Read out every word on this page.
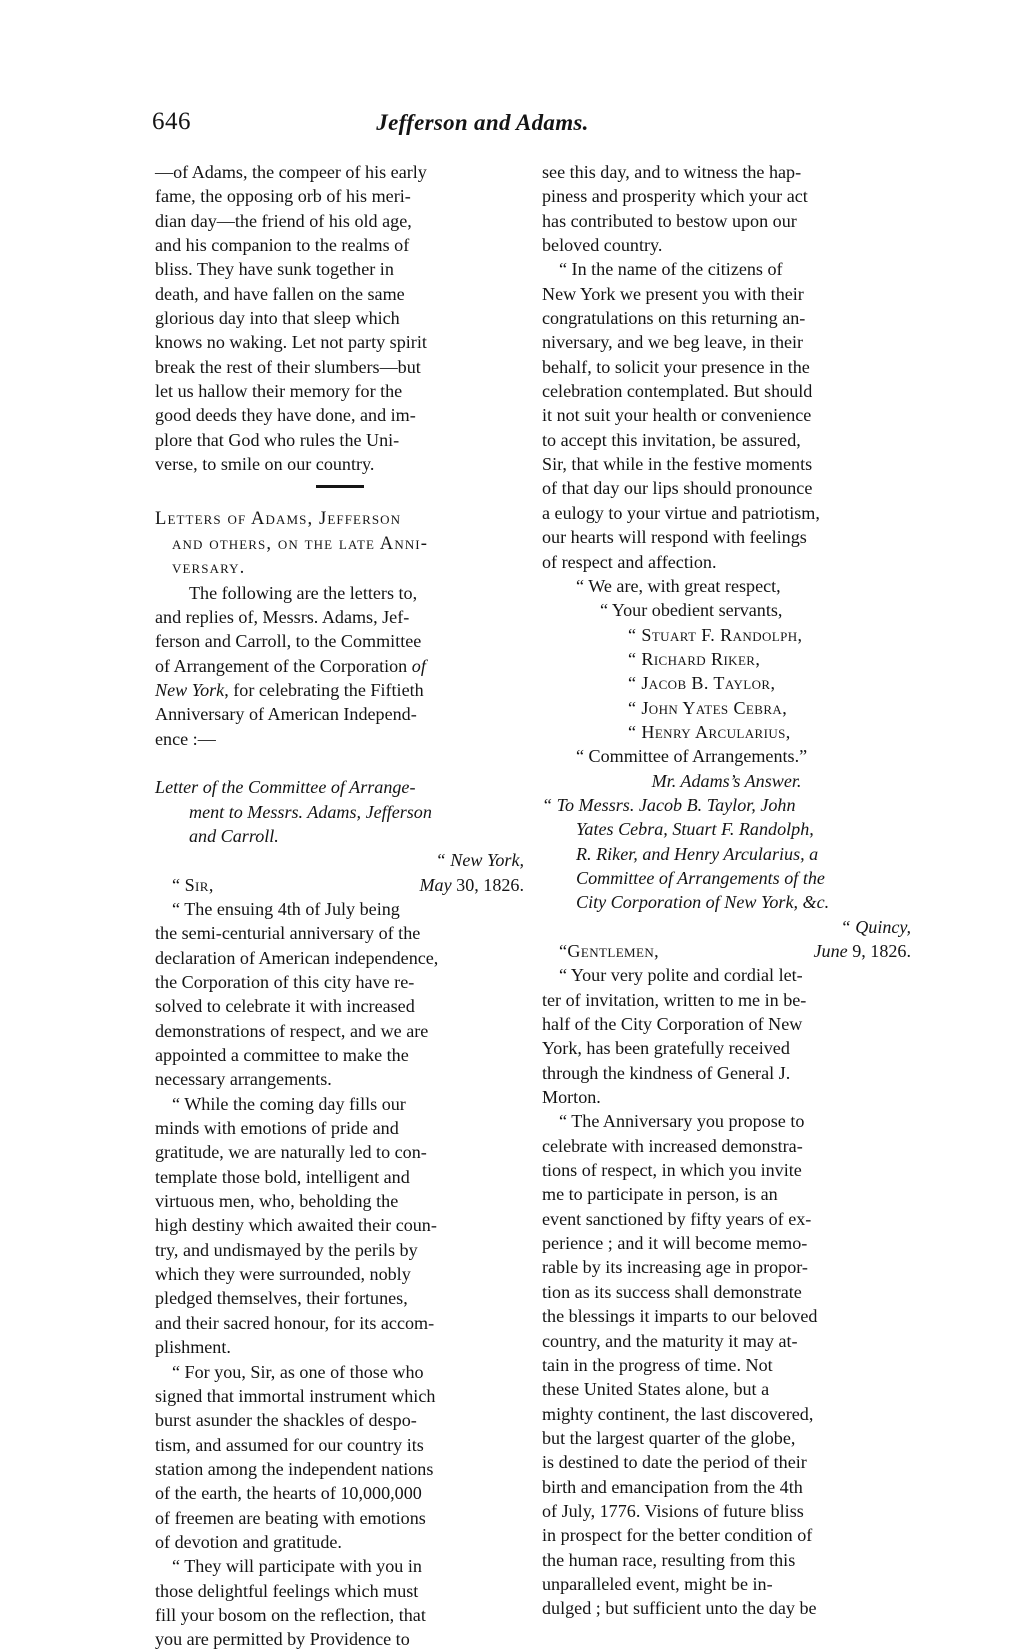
646	Jefferson and Adams.
—of Adams, the compeer of his early
fame, the opposing orb of his meri-
dian day—the friend of his old age,
and his companion to the realms of
bliss. They have sunk together in
death, and have fallen on the same
glorious day into that sleep which
knows no waking. Let not party spirit
break the rest of their slumbers—but
let us hallow their memory for the
good deeds they have done, and im-
plore that God who rules the Uni-
verse, to smile on our country.
Letters of Adams, Jefferson
and others, on the late Anni-
versary.
The following are the letters to,
and replies of, Messrs. Adams, Jef-
ferson and Carroll, to the Committee
of Arrangement of the Corporation of
New York, for celebrating the Fiftieth
Anniversary of American Independ-
ence :—
Letter of the Committee of Arrange-
ment to Messrs. Adams, Jefferson
and Carroll.
“ New York,
“ Sir,	May 30, 1826.
“ The ensuing 4th of July being
the semi-centurial anniversary of the
declaration of American independence,
the Corporation of this city have re-
solved to celebrate it with increased
demonstrations of respect, and we are
appointed a committee to make the
necessary arrangements.
“ While the coming day fills our
minds with emotions of pride and
gratitude, we are naturally led to con-
template those bold, intelligent and
virtuous men, who, beholding the
high destiny which awaited their coun-
try, and undismayed by the perils by
which they were surrounded, nobly
pledged themselves, their fortunes,
and their sacred honour, for its accom-
plishment.
“ For you, Sir, as one of those who
signed that immortal instrument which
burst asunder the shackles of despo-
tism, and assumed for our country its
station among the independent nations
of the earth, the hearts of 10,000,000
of freemen are beating with emotions
of devotion and gratitude.
“ They will participate with you in
those delightful feelings which must
fill your bosom on the reflection, that
you are permitted by Providence to
see this day, and to witness the hap-
piness and prosperity which your act
has contributed to bestow upon our
beloved country.
“ In the name of the citizens of
New York we present you with their
congratulations on this returning an-
niversary, and we beg leave, in their
behalf, to solicit your presence in the
celebration contemplated. But should
it not suit your health or convenience
to accept this invitation, be assured,
Sir, that while in the festive moments
of that day our lips should pronounce
a eulogy to your virtue and patriotism,
our hearts will respond with feelings
of respect and affection.
“ We are, with great respect,
“ Your obedient servants,
“ Stuart F. Randolph,
“ Richard Riker,
“ Jacob B. Taylor,
“ John Yates Cebra,
“ Henry Arcularius,
“ Committee of Arrangements.”
Mr. Adams’s Answer.
“ To Messrs. Jacob B. Taylor, John
Yates Cebra, Stuart F. Randolph,
R. Riker, and Henry Arcularius, a
Committee of Arrangements of the
City Corporation of New York, &c.
“ Quincy,
“Gentlemen,	June 9, 1826.
“ Your very polite and cordial let-
ter of invitation, written to me in be-
half of the City Corporation of New
York, has been gratefully received
through the kindness of General J.
Morton.
“ The Anniversary you propose to
celebrate with increased demonstra-
tions of respect, in which you invite
me to participate in person, is an
event sanctioned by fifty years of ex-
perience ; and it will become memo-
rable by its increasing age in propor-
tion as its success shall demonstrate
the blessings it imparts to our beloved
country, and the maturity it may at-
tain in the progress of time. Not
these United States alone, but a
mighty continent, the last discovered,
but the largest quarter of the globe,
is destined to date the period of their
birth and emancipation from the 4th
of July, 1776. Visions of future bliss
in prospect for the better condition of
the human race, resulting from this
unparalleled event, might be in-
dulged ; but sufficient unto the day be
